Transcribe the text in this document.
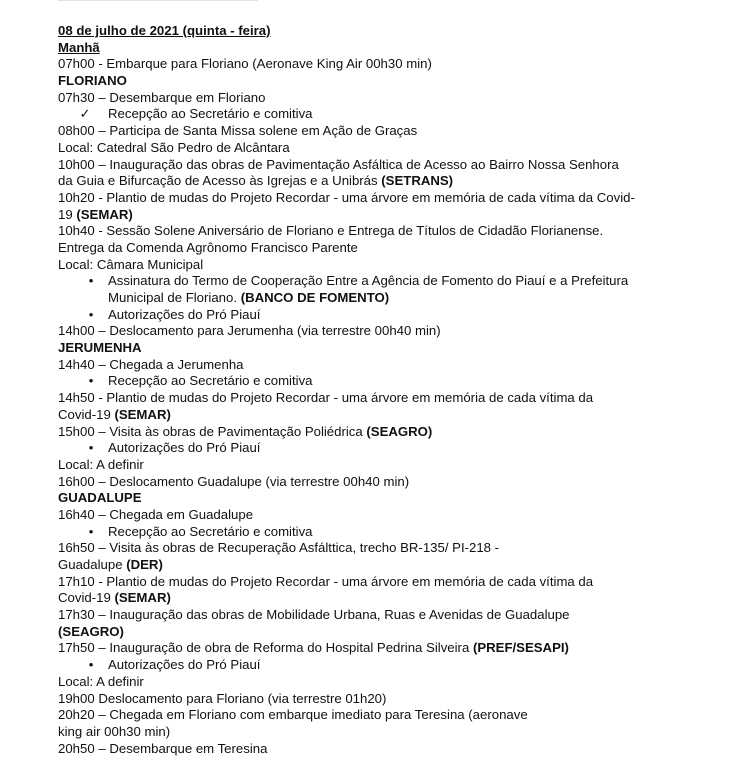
08 de julho de 2021 (quinta - feira)
Manhã
07h00 - Embarque para Floriano (Aeronave King Air 00h30 min)
FLORIANO
07h30 – Desembarque em Floriano
✓ Recepção ao Secretário e comitiva
08h00 – Participa de Santa Missa solene em Ação de Graças
Local: Catedral São Pedro de Alcântara
10h00 – Inauguração das obras de Pavimentação Asfáltica de Acesso ao Bairro Nossa Senhora
da Guia e Bifurcação de Acesso às Igrejas e a Unibrás (SETRANS)
10h20 - Plantio de mudas do Projeto Recordar - uma árvore em memória de cada vítima da Covid-
19 (SEMAR)
10h40 - Sessão Solene Aniversário de Floriano e Entrega de Títulos de Cidadão Florianense.
Entrega da Comenda Agrônomo Francisco Parente
Local: Câmara Municipal
•	Assinatura do Termo de Cooperação Entre a Agência de Fomento do Piauí e a Prefeitura
Municipal de Floriano. (BANCO DE FOMENTO)
•	Autorizações do Pró Piauí
14h00 – Deslocamento para Jerumenha (via terrestre 00h40 min)
JERUMENHA
14h40 – Chegada a Jerumenha
•	Recepção ao Secretário e comitiva
14h50 - Plantio de mudas do Projeto Recordar - uma árvore em memória de cada vítima da
Covid-19 (SEMAR)
15h00 – Visita às obras de Pavimentação Poliédrica (SEAGRO)
•	Autorizações do Pró Piauí
Local: A definir
16h00 – Deslocamento Guadalupe (via terrestre 00h40 min)
GUADALUPE
16h40 – Chegada em Guadalupe
•	Recepção ao Secretário e comitiva
16h50 – Visita às obras de Recuperação Asfálttica, trecho BR-135/ PI-218 -
Guadalupe (DER)
17h10 - Plantio de mudas do Projeto Recordar - uma árvore em memória de cada vítima da
Covid-19 (SEMAR)
17h30 – Inauguração das obras de Mobilidade Urbana, Ruas e Avenidas de Guadalupe
(SEAGRO)
17h50 – Inauguração de obra de Reforma do Hospital Pedrina Silveira (PREF/SESAPI)
•	Autorizações do Pró Piauí
Local: A definir
19h00 Deslocamento para Floriano (via terrestre 01h20)
20h20 – Chegada em Floriano com embarque imediato para Teresina (aeronave
king air 00h30 min)
20h50 – Desembarque em Teresina
